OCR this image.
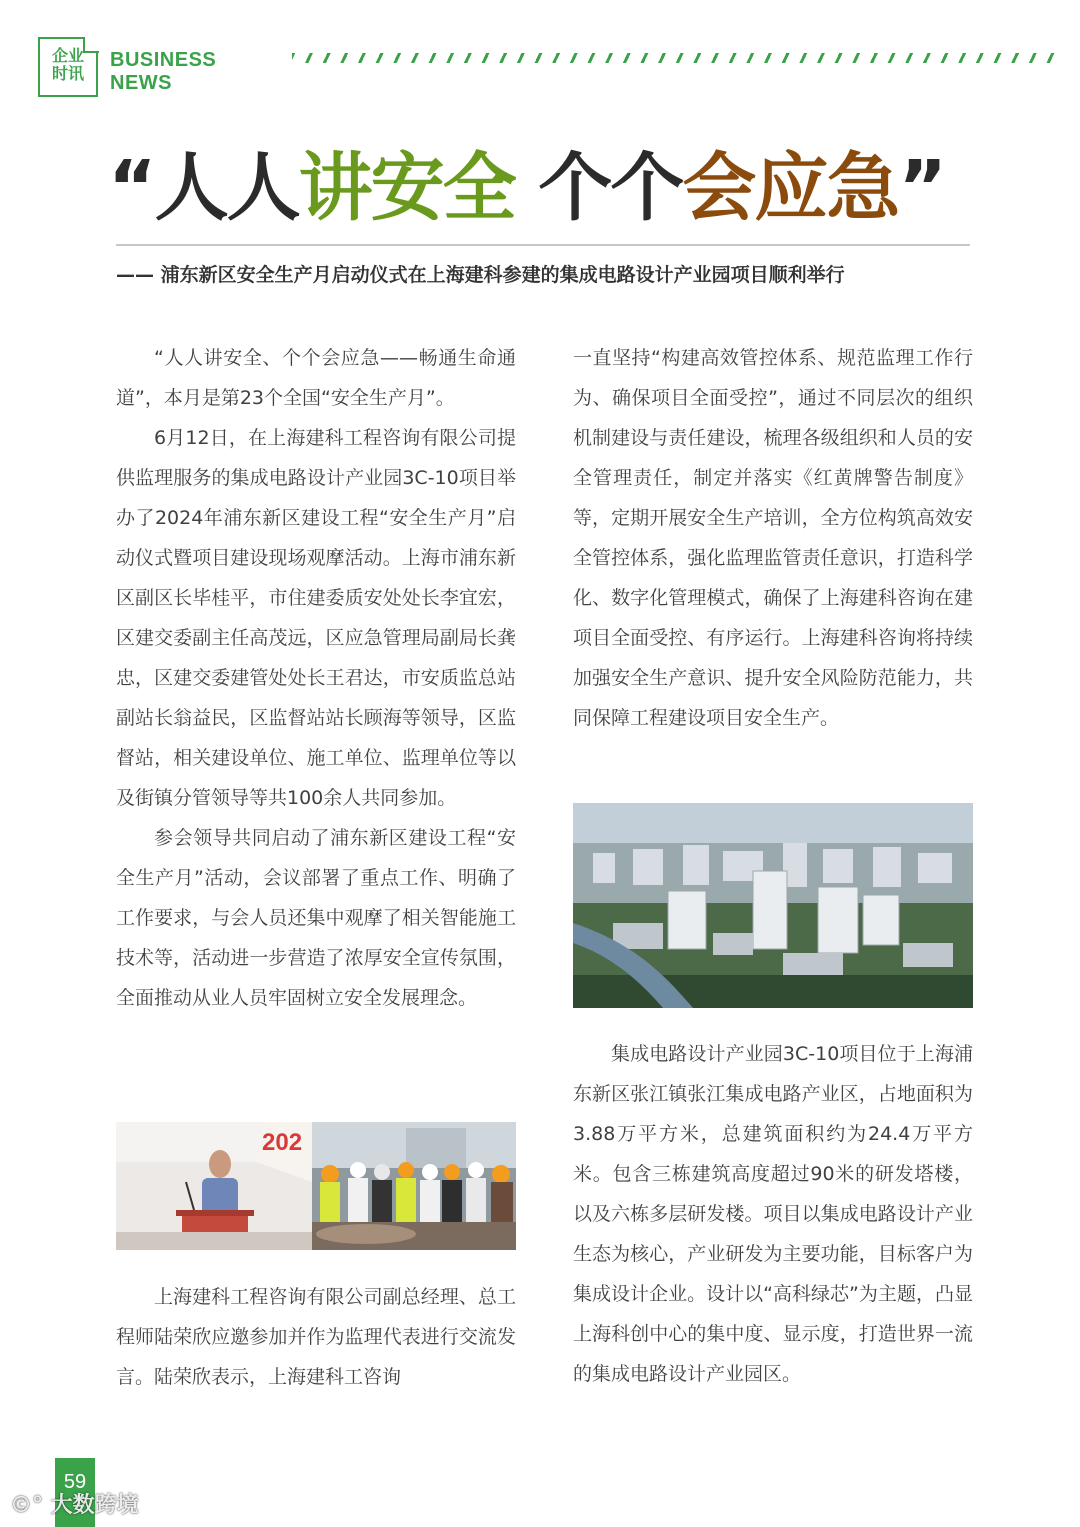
企业
时讯
BUSINESS
NEWS
“人人讲安全 个个会应急”
—— 浦东新区安全生产月启动仪式在上海建科参建的集成电路设计产业园项目顺利举行

“人人讲安全、个个会应急——畅通生命通道”，本月是第23个全国“安全生产月”。

6月12日，在上海建科工程咨询有限公司提供监理服务的集成电路设计产业园3C-10项目举办了2024年浦东新区建设工程“安全生产月”启动仪式暨项目建设现场观摩活动。上海市浦东新区副区长毕桂平，市住建委质安处处长李宜宏，区建交委副主任高茂远，区应急管理局副局长龚忠，区建交委建管处处长王君达，市安质监总站副站长翁益民，区监督站站长顾海等领导，区监督站，相关建设单位、施工单位、监理单位等以及街镇分管领导等共100余人共同参加。

参会领导共同启动了浦东新区建设工程“安全生产月”活动，会议部署了重点工作、明确了工作要求，与会人员还集中观摩了相关智能施工技术等，活动进一步营造了浓厚安全宣传氛围，全面推动从业人员牢固树立安全发展理念。

202

上海建科工程咨询有限公司副总经理、总工程师陆荣欣应邀参加并作为监理代表进行交流发言。陆荣欣表示，上海建科工咨询

一直坚持“构建高效管控体系、规范监理工作行为、确保项目全面受控”，通过不同层次的组织机制建设与责任建设，梳理各级组织和人员的安全管理责任，制定并落实《红黄牌警告制度》等，定期开展安全生产培训，全方位构筑高效安全管控体系，强化监理监管责任意识，打造科学化、数字化管理模式，确保了上海建科咨询在建项目全面受控、有序运行。上海建科咨询将持续加强安全生产意识、提升安全风险防范能力，共同保障工程建设项目安全生产。

集成电路设计产业园3C-10项目位于上海浦东新区张江镇张江集成电路产业区，占地面积为3.88万平方米，总建筑面积约为24.4万平方米。包含三栋建筑高度超过90米的研发塔楼，以及六栋多层研发楼。项目以集成电路设计产业生态为核心，产业研发为主要功能，目标客户为集成设计企业。设计以“高科绿芯”为主题，凸显上海科创中心的集中度、显示度，打造世界一流的集成电路设计产业园区。

59
©° 大数跨境
